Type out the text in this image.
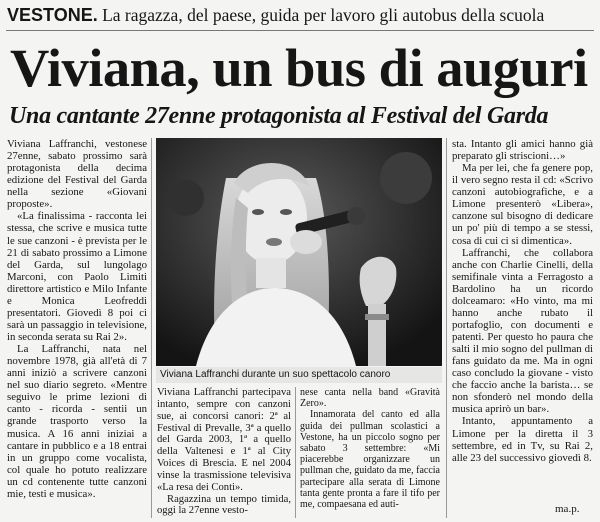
VESTONE. La ragazza, del paese, guida per lavoro gli autobus della scuola
Viviana, un bus di auguri
Una cantante 27enne protagonista al Festival del Garda

Viviana Laffranchi, vestonese 27enne, sabato prossimo sarà protagonista della decima edizione del Festival del Garda nella sezione «Giovani proposte».

«La finalissima - racconta lei stessa, che scrive e musica tutte le sue canzoni - è prevista per le 21 di sabato prossimo a Limone del Garda, sul lungolago Marconi, con Paolo Limiti direttore artistico e Milo Infante e Monica Leofreddi presentatori. Giovedì 8 poi ci sarà un passaggio in televisione, in seconda serata su Rai 2».

La Laffranchi, nata nel novembre 1978, già all'età di 7 anni iniziò a scrivere canzoni nel suo diario segreto. «Mentre seguivo le prime lezioni di canto - ricorda - sentii un grande trasporto verso la musica. A 16 anni iniziai a cantare in pubblico e a 18 entrai in un gruppo come vocalista, col quale ho potuto realizzare un cd contenente tutte canzoni mie, testi e musica».

Viviana Laffranchi durante un suo spettacolo canoro

Viviana Laffranchi partecipava intanto, sempre con canzoni sue, ai concorsi canori: 2ª al Festival di Prevalle, 3ª a quello del Garda 2003, 1ª a quello della Valtenesi e 1ª al City Voices di Brescia. E nel 2004 vinse la trasmissione televisiva «La resa dei Conti».

Ragazzina un tempo timida, oggi la 27enne vesto-

nese canta nella band «Gravità Zero».

Innamorata del canto ed alla guida dei pullman scolastici a Vestone, ha un piccolo sogno per sabato 3 settembre: «Mi piacerebbe organizzare un pullman che, guidato da me, faccia partecipare alla serata di Limone tanta gente pronta a fare il tifo per me, compaesana ed auti-

sta. Intanto gli amici hanno già preparato gli striscioni…»

Ma per lei, che fa genere pop, il vero segno resta il cd: «Scrivo canzoni autobiografiche, e a Limone presenterò «Libera», canzone sul bisogno di dedicare un po' più di tempo a se stessi, cosa di cui ci si dimentica».

Laffranchi, che collabora anche con Charlie Cinelli, della semifinale vinta a Ferragosto a Bardolino ha un ricordo dolceamaro: «Ho vinto, ma mi hanno anche rubato il portafoglio, con documenti e patenti. Per questo ho paura che salti il mio sogno del pullman di fans guidato da me. Ma in ogni caso concludo la giovane - visto che faccio anche la barista… se non sfonderò nel mondo della musica aprirò un bar».

Intanto, appuntamento a Limone per la diretta il 3 settembre, ed in Tv, su Rai 2, alle 23 del successivo giovedì 8.

ma.p.
